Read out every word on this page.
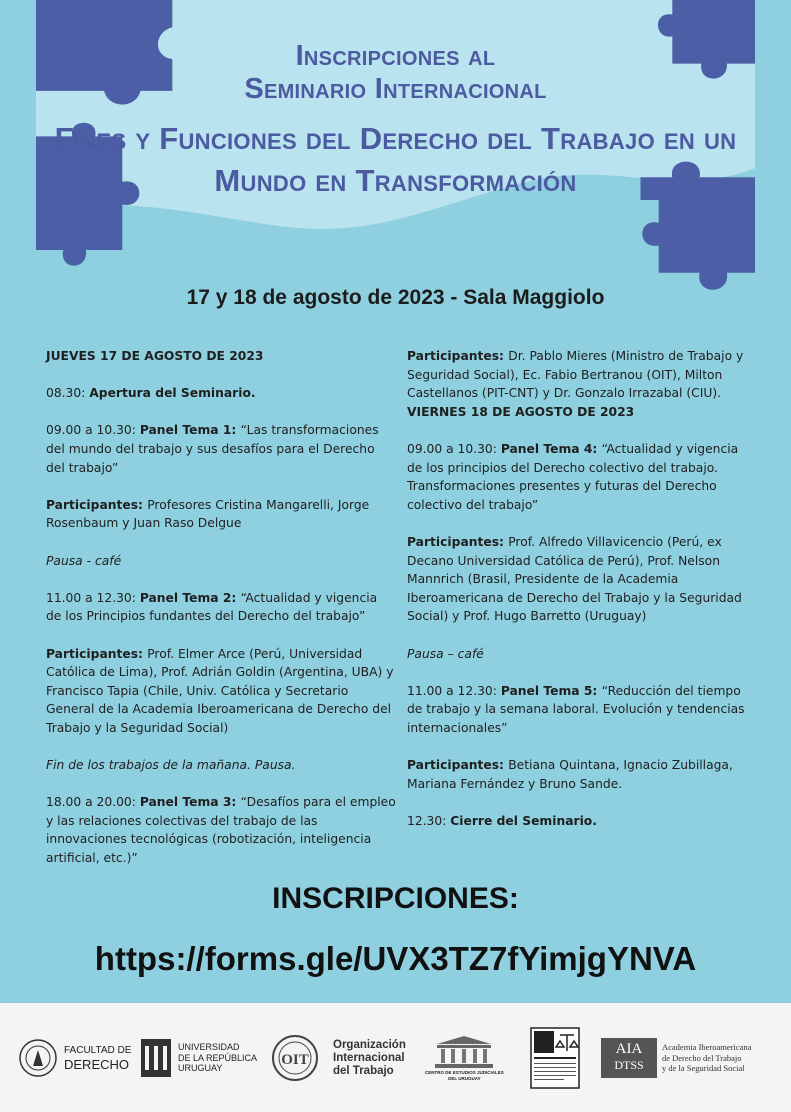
Inscripciones al
Seminario Internacional
Fines y Funciones del Derecho del Trabajo en un
Mundo en Transformación
17 y 18 de agosto de 2023 - Sala Maggiolo

JUEVES 17 DE AGOSTO DE 2023

08.30: Apertura del Seminario.

09.00 a 10.30: Panel Tema 1: “Las transformaciones del mundo del trabajo y sus desafíos para el Derecho del trabajo”

Participantes: Profesores Cristina Mangarelli, Jorge Rosenbaum y Juan Raso Delgue

Pausa - café

11.00 a 12.30: Panel Tema 2: “Actualidad y vigencia de los Principios fundantes del Derecho del trabajo”

Participantes: Prof. Elmer Arce (Perú, Universidad Católica de Lima), Prof. Adrián Goldin (Argentina, UBA) y Francisco Tapia (Chile, Univ. Católica y Secretario General de la Academia Iberoamericana de Derecho del Trabajo y la Seguridad Social)

Fin de los trabajos de la mañana. Pausa.

18.00 a 20.00: Panel Tema 3: “Desafíos para el empleo y las relaciones colectivas del trabajo de las innovaciones tecnológicas (robotización, inteligencia artificial, etc.)”

Participantes: Dr. Pablo Mieres (Ministro de Trabajo y Seguridad Social), Ec. Fabio Bertranou (OIT), Milton Castellanos (PIT-CNT) y Dr. Gonzalo Irrazabal (CIU).

VIERNES 18 DE AGOSTO DE 2023

09.00 a 10.30: Panel Tema 4: “Actualidad y vigencia de los principios del Derecho colectivo del trabajo. Transformaciones presentes y futuras del Derecho colectivo del trabajo”

Participantes: Prof. Alfredo Villavicencio (Perú, ex Decano Universidad Católica de Perú), Prof. Nelson Mannrich (Brasil, Presidente de la Academia Iberoamericana de Derecho del Trabajo y la Seguridad Social) y Prof. Hugo Barretto (Uruguay)

Pausa – café

11.00 a 12.30: Panel Tema 5: “Reducción del tiempo de trabajo y la semana laboral. Evolución y tendencias internacionales”

Participantes: Betiana Quintana, Ignacio Zubillaga, Mariana Fernández y Bruno Sande.

12.30: Cierre del Seminario.

INSCRIPCIONES:
https://forms.gle/UVX3TZ7fYimjgYNVA
FACULTAD DE
DERECHO
UNIVERSIDAD
DE LA REPÚBLICA
URUGUAY
OIT
Organización
Internacional
del Trabajo	CENTRO DE ESTUDIOS JUDICIALES
DEL URUGUAY
AIA
DTSS
Academia Iberoamericana
de Derecho del Trabajo
y de la Seguridad Social
